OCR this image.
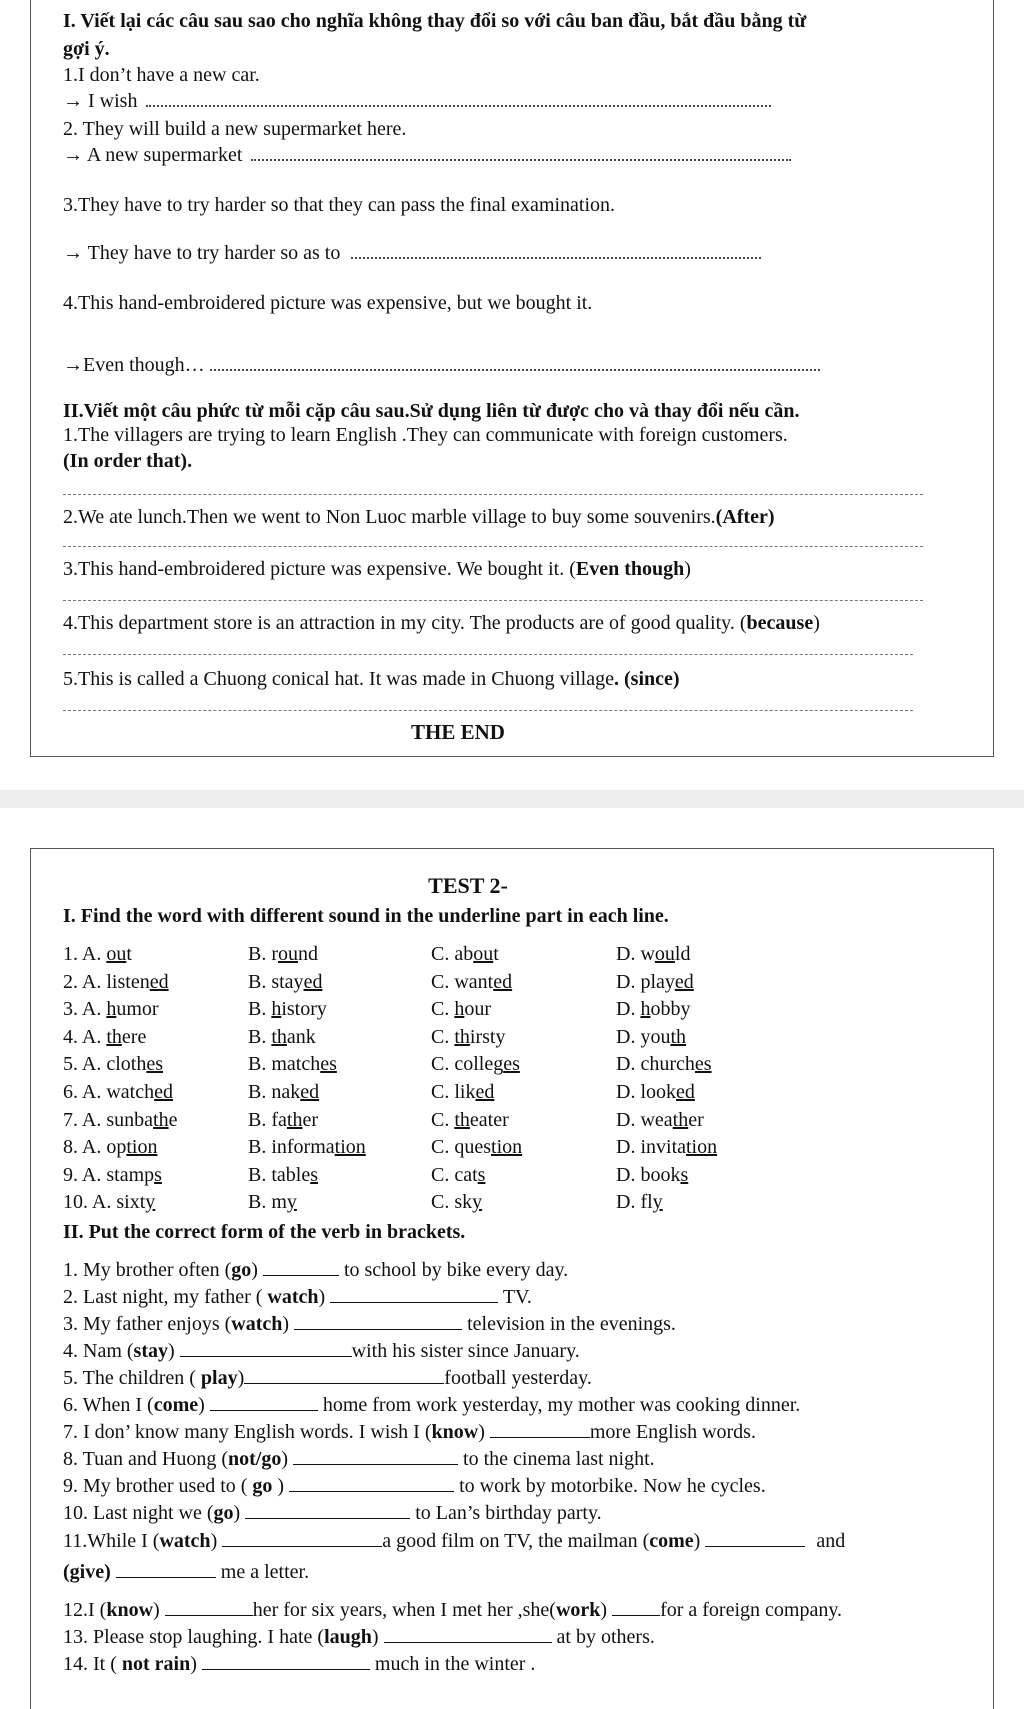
I. Viết lại các câu sau sao cho nghĩa không thay đổi so với câu ban đầu, bắt đầu bằng từ
gợi ý.
1.I don’t have a new car.
→ I wish
2. They will build a new supermarket here.
→ A new supermarket
3.They have to try harder so that they can pass the final examination.
→ They have to try harder so as to
4.This hand-embroidered picture was expensive, but we bought it.
→Even though…
II.Viết một câu phức từ mỗi cặp câu sau.Sử dụng liên từ được cho và thay đổi nếu cần.
1.The villagers are trying to learn English .They can communicate with foreign customers.
(In order that).
2.We ate lunch.Then we went to Non Luoc marble village to buy some souvenirs.(After)
3.This hand-embroidered picture was expensive. We bought it. (Even though)
4.This department store is an attraction in my city. The products are of good quality. (because)
5.This is called a Chuong conical hat. It was made in Chuong village. (since)
THE END
TEST 2-
I. Find the word with different sound in the underline part in each line.
1. A. out	B. round	C. about	D. would
2. A. listened	B. stayed	C. wanted	D. played
3. A. humor	B. history	C. hour	D. hobby
4. A. there	B. thank	C. thirsty	D. youth
5. A. clothes	B. matches	C. colleges	D. churches
6. A. watched	B. naked	C. liked	D. looked
7. A. sunbathe	B. father	C. theater	D. weather
8. A. option	B. information	C. question	D. invitation
9. A. stamps	B. tables	C. cats	D. books
10. A. sixty	B. my	C. sky	D. fly
II. Put the correct form of the verb in brackets.
1. My brother often (go)	to school by bike every day.
2. Last night, my father ( watch)	TV.
3. My father enjoys (watch)	television in the evenings.
4. Nam (stay)	with his sister since January.
5. The children ( play)	football yesterday.
6. When I (come)	home from work yesterday, my mother was cooking dinner.
7. I don’ know many English words. I wish I (know)	more English words.
8. Tuan and Huong (not/go)	to the cinema last night.
9. My brother used to ( go )	to work by motorbike. Now he cycles.
10. Last night we (go)	to Lan’s birthday party.
11.While I (watch)	a good film on TV, the mailman (come)	and
(give)	me a letter.
12.I (know)	her for six years, when I met her ,she(work)	for a foreign company.
13. Please stop laughing. I hate (laugh)	at by others.
14. It ( not rain)	much in the winter .
